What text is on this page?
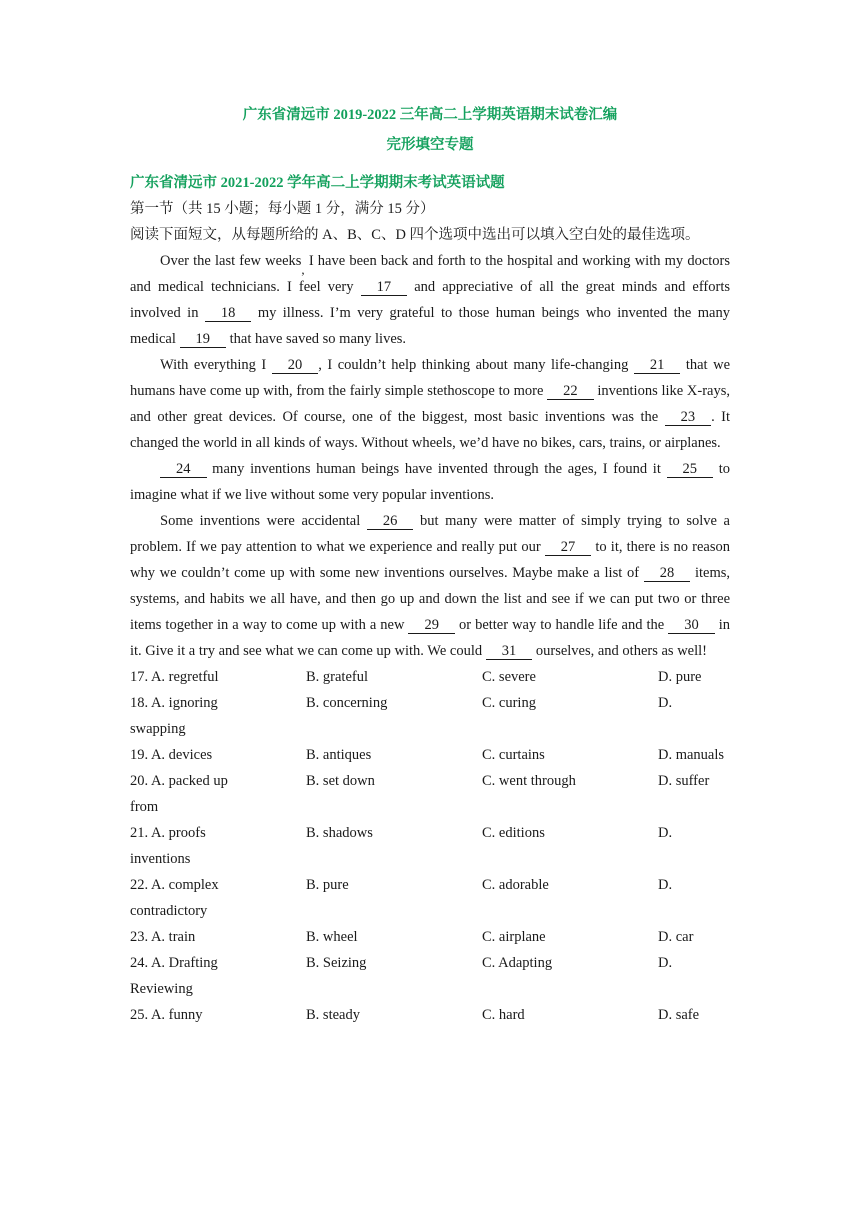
广东省清远市 2019-2022 三年高二上学期英语期末试卷汇编
完形填空专题
广东省清远市 2021-2022 学年高二上学期期末考试英语试题
第一节（共 15 小题；每小题 1 分，满分 15 分）
阅读下面短文，从每题所给的 A、B、C、D 四个选项中选出可以填入空白处的最佳选项。
Over the last few weeks, I have been back and forth to the hospital and working with my doctors and medical technicians. I feel very 17 and appreciative of all the great minds and efforts involved in 18 my illness. I’m very grateful to those human beings who invented the many medical 19 that have saved so many lives.
With everything I 20 , I couldn’t help thinking about many life-changing 21 that we humans have come up with, from the fairly simple stethoscope to more 22 inventions like X-rays, and other great devices. Of course, one of the biggest, most basic inventions was the 23 . It changed the world in all kinds of ways. Without wheels, we’d have no bikes, cars, trains, or airplanes.
24 many inventions human beings have invented through the ages, I found it 25 to imagine what if we live without some very popular inventions.
Some inventions were accidental 26 but many were matter of simply trying to solve a problem. If we pay attention to what we experience and really put our 27 to it, there is no reason why we couldn’t come up with some new inventions ourselves. Maybe make a list of 28 items, systems, and habits we all have, and then go up and down the list and see if we can put two or three items together in a way to come up with a new 29 or better way to handle life and the 30 in it. Give it a try and see what we can come up with. We could 31 ourselves, and others as well!
17. A. regretful	B. grateful	C. severe	D. pure
18. A. ignoring	B. concerning	C. curing	D.
swapping
19. A. devices	B. antiques	C. curtains	D. manuals
20. A. packed up	B. set down	C. went through	D. suffer
from
21. A. proofs	B. shadows	C. editions	D.
inventions
22. A. complex	B. pure	C. adorable	D.
contradictory
23. A. train	B. wheel	C. airplane	D. car
24. A. Drafting	B. Seizing	C. Adapting	D.
Reviewing
25. A. funny	B. steady	C. hard	D. safe
